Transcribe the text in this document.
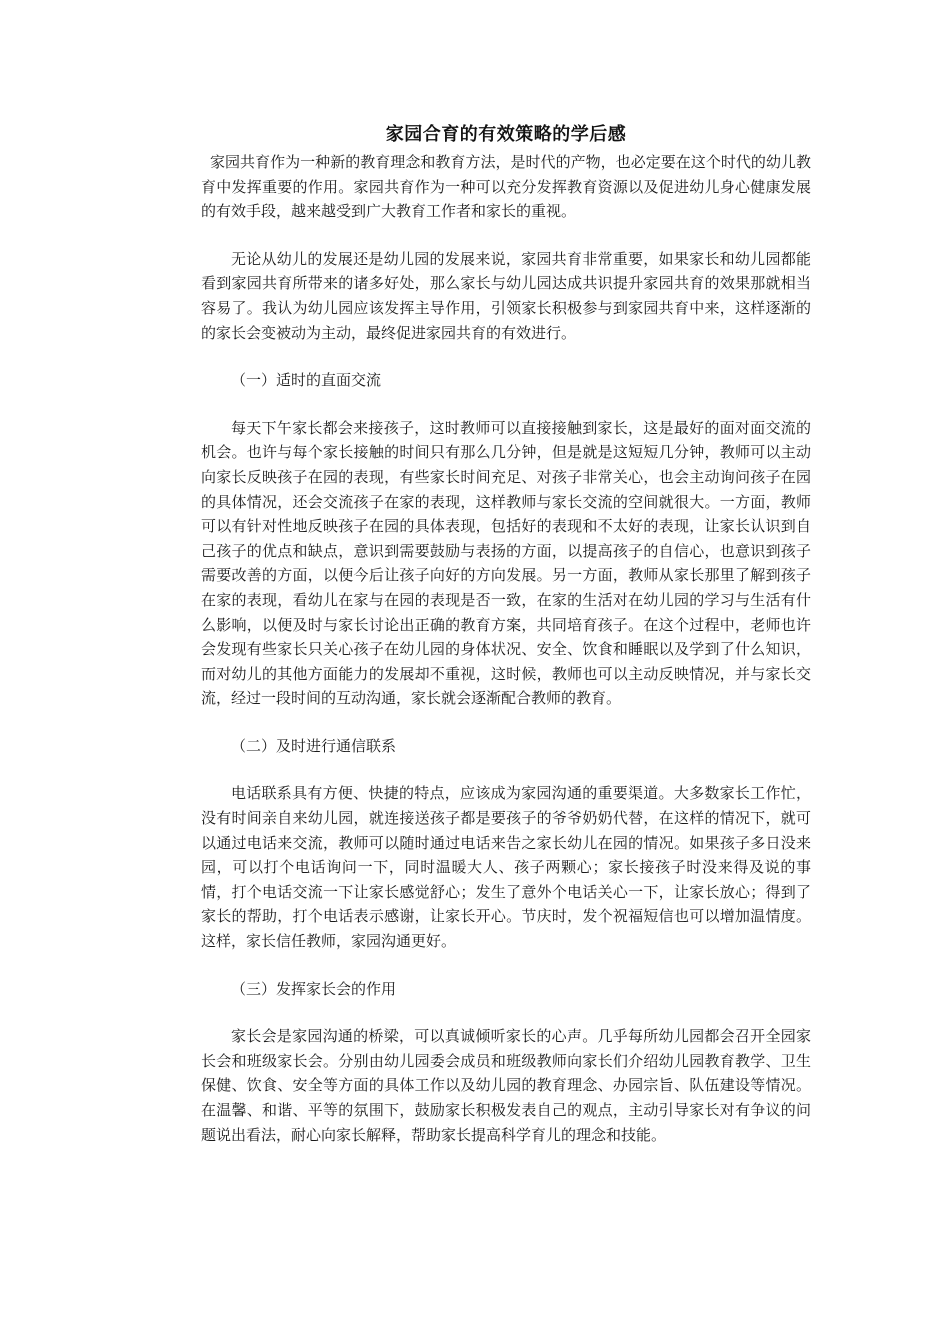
家园合育的有效策略的学后感

家园共育作为一种新的教育理念和教育方法，是时代的产物，也必定要在这个时代的幼儿教育中发挥重要的作用。家园共育作为一种可以充分发挥教育资源以及促进幼儿身心健康发展的有效手段，越来越受到广大教育工作者和家长的重视。

无论从幼儿的发展还是幼儿园的发展来说，家园共育非常重要，如果家长和幼儿园都能看到家园共育所带来的诸多好处，那么家长与幼儿园达成共识提升家园共育的效果那就相当容易了。我认为幼儿园应该发挥主导作用，引领家长积极参与到家园共育中来，这样逐渐的的家长会变被动为主动，最终促进家园共育的有效进行。

（一）适时的直面交流

每天下午家长都会来接孩子，这时教师可以直接接触到家长，这是最好的面对面交流的机会。也许与每个家长接触的时间只有那么几分钟，但是就是这短短几分钟，教师可以主动向家长反映孩子在园的表现，有些家长时间充足、对孩子非常关心，也会主动询问孩子在园的具体情况，还会交流孩子在家的表现，这样教师与家长交流的空间就很大。一方面，教师可以有针对性地反映孩子在园的具体表现，包括好的表现和不太好的表现，让家长认识到自己孩子的优点和缺点，意识到需要鼓励与表扬的方面，以提高孩子的自信心，也意识到孩子需要改善的方面，以便今后让孩子向好的方向发展。另一方面，教师从家长那里了解到孩子在家的表现，看幼儿在家与在园的表现是否一致，在家的生活对在幼儿园的学习与生活有什么影响，以便及时与家长讨论出正确的教育方案，共同培育孩子。在这个过程中，老师也许会发现有些家长只关心孩子在幼儿园的身体状况、安全、饮食和睡眠以及学到了什么知识，而对幼儿的其他方面能力的发展却不重视，这时候，教师也可以主动反映情况，并与家长交流，经过一段时间的互动沟通，家长就会逐渐配合教师的教育。

（二）及时进行通信联系

电话联系具有方便、快捷的特点，应该成为家园沟通的重要渠道。大多数家长工作忙，没有时间亲自来幼儿园，就连接送孩子都是要孩子的爷爷奶奶代替，在这样的情况下，就可以通过电话来交流，教师可以随时通过电话来告之家长幼儿在园的情况。如果孩子多日没来园，可以打个电话询问一下，同时温暖大人、孩子两颗心；家长接孩子时没来得及说的事情，打个电话交流一下让家长感觉舒心；发生了意外个电话关心一下，让家长放心；得到了家长的帮助，打个电话表示感谢，让家长开心。节庆时，发个祝福短信也可以增加温情度。这样，家长信任教师，家园沟通更好。

（三）发挥家长会的作用

家长会是家园沟通的桥梁，可以真诚倾听家长的心声。几乎每所幼儿园都会召开全园家长会和班级家长会。分别由幼儿园委会成员和班级教师向家长们介绍幼儿园教育教学、卫生保健、饮食、安全等方面的具体工作以及幼儿园的教育理念、办园宗旨、队伍建设等情况。在温馨、和谐、平等的氛围下，鼓励家长积极发表自己的观点，主动引导家长对有争议的问题说出看法，耐心向家长解释，帮助家长提高科学育儿的理念和技能。
